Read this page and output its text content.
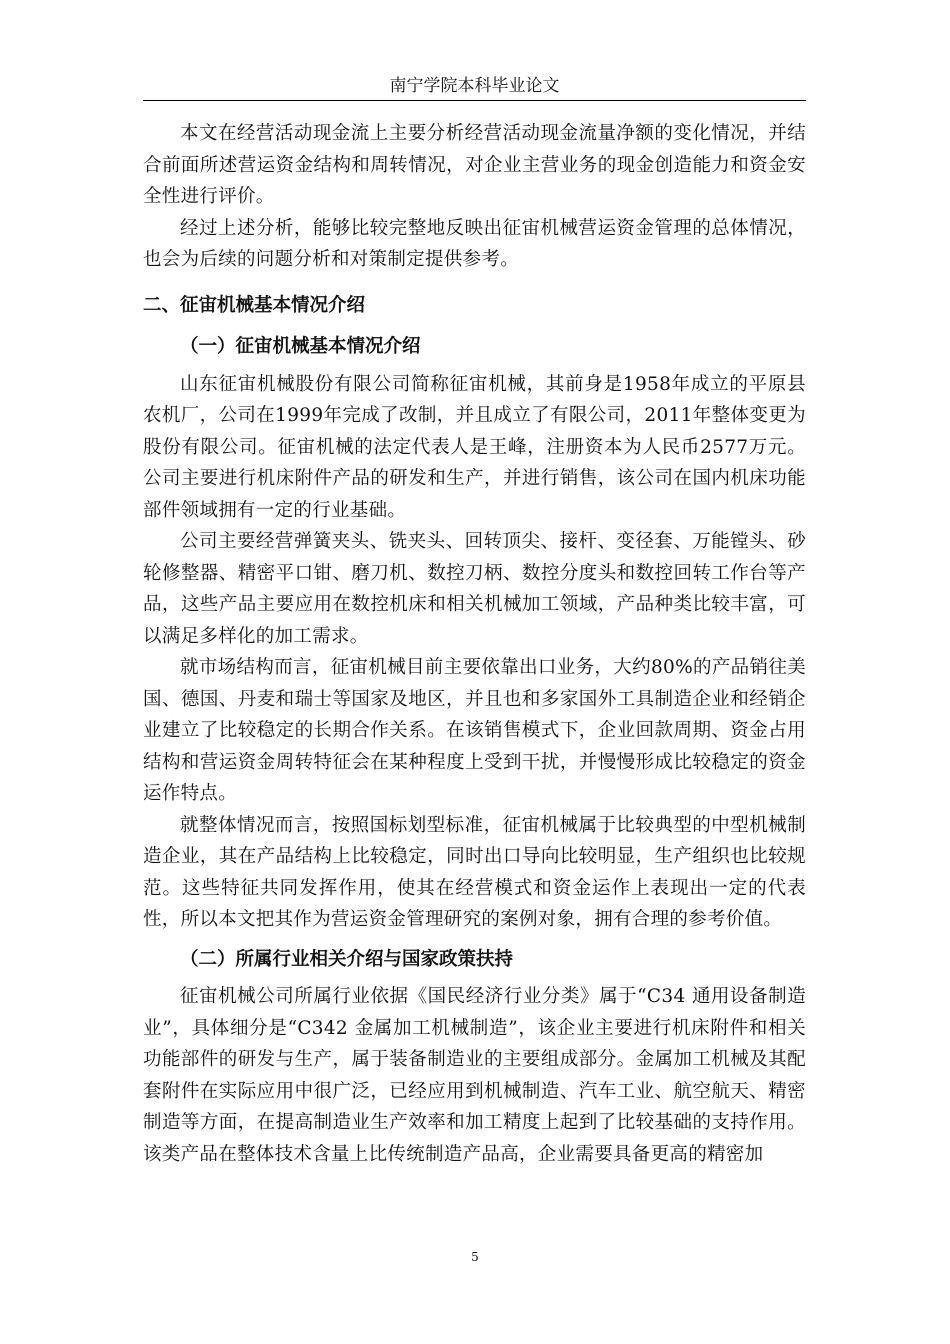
南宁学院本科毕业论文

本文在经营活动现金流上主要分析经营活动现金流量净额的变化情况，并结合前面所述营运资金结构和周转情况，对企业主营业务的现金创造能力和资金安全性进行评价。

经过上述分析，能够比较完整地反映出征宙机械营运资金管理的总体情况，也会为后续的问题分析和对策制定提供参考。

二、征宙机械基本情况介绍
（一）征宙机械基本情况介绍

山东征宙机械股份有限公司简称征宙机械，其前身是1958年成立的平原县农机厂，公司在1999年完成了改制，并且成立了有限公司，2011年整体变更为股份有限公司。征宙机械的法定代表人是王峰，注册资本为人民币2577万元。公司主要进行机床附件产品的研发和生产，并进行销售，该公司在国内机床功能部件领域拥有一定的行业基础。

公司主要经营弹簧夹头、铣夹头、回转顶尖、接杆、变径套、万能镗头、砂轮修整器、精密平口钳、磨刀机、数控刀柄、数控分度头和数控回转工作台等产品，这些产品主要应用在数控机床和相关机械加工领域，产品种类比较丰富，可以满足多样化的加工需求。

就市场结构而言，征宙机械目前主要依靠出口业务，大约80%的产品销往美国、德国、丹麦和瑞士等国家及地区，并且也和多家国外工具制造企业和经销企业建立了比较稳定的长期合作关系。在该销售模式下，企业回款周期、资金占用结构和营运资金周转特征会在某种程度上受到干扰，并慢慢形成比较稳定的资金运作特点。

就整体情况而言，按照国标划型标准，征宙机械属于比较典型的中型机械制造企业，其在产品结构上比较稳定，同时出口导向比较明显，生产组织也比较规范。这些特征共同发挥作用，使其在经营模式和资金运作上表现出一定的代表性，所以本文把其作为营运资金管理研究的案例对象，拥有合理的参考价值。

（二）所属行业相关介绍与国家政策扶持

征宙机械公司所属行业依据《国民经济行业分类》属于“C34 通用设备制造业”，具体细分是“C342 金属加工机械制造”，该企业主要进行机床附件和相关功能部件的研发与生产，属于装备制造业的主要组成部分。金属加工机械及其配套附件在实际应用中很广泛，已经应用到机械制造、汽车工业、航空航天、精密制造等方面，在提高制造业生产效率和加工精度上起到了比较基础的支持作用。该类产品在整体技术含量上比传统制造产品高，企业需要具备更高的精密加

5
